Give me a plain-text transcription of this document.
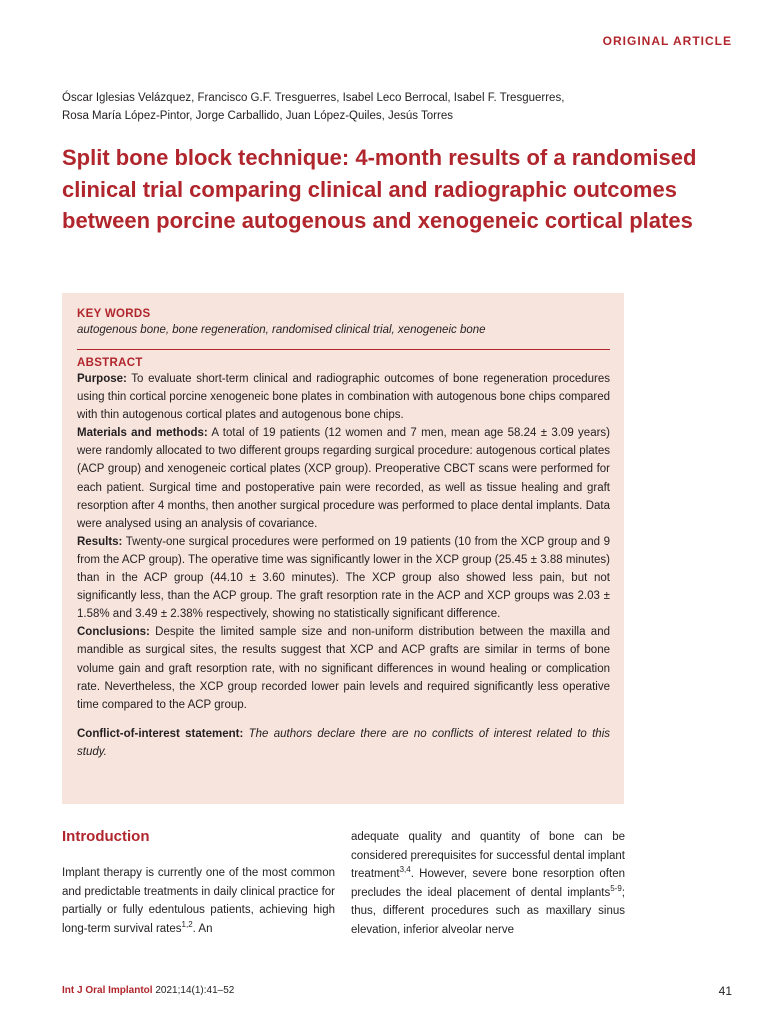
ORIGINAL ARTICLE
Óscar Iglesias Velázquez, Francisco G.F. Tresguerres, Isabel Leco Berrocal, Isabel F. Tresguerres,
Rosa María López-Pintor, Jorge Carballido, Juan López-Quiles, Jesús Torres
Split bone block technique: 4-month results of a randomised clinical trial comparing clinical and radiographic outcomes between porcine autogenous and xenogeneic cortical plates
KEY WORDS
autogenous bone, bone regeneration, randomised clinical trial, xenogeneic bone
ABSTRACT

Purpose: To evaluate short-term clinical and radiographic outcomes of bone regeneration procedures using thin cortical porcine xenogeneic bone plates in combination with autogenous bone chips compared with thin autogenous cortical plates and autogenous bone chips.

Materials and methods: A total of 19 patients (12 women and 7 men, mean age 58.24 ± 3.09 years) were randomly allocated to two different groups regarding surgical procedure: autogenous cortical plates (ACP group) and xenogeneic cortical plates (XCP group). Preoperative CBCT scans were performed for each patient. Surgical time and postoperative pain were recorded, as well as tissue healing and graft resorption after 4 months, then another surgical procedure was performed to place dental implants. Data were analysed using an analysis of covariance.

Results: Twenty-one surgical procedures were performed on 19 patients (10 from the XCP group and 9 from the ACP group). The operative time was significantly lower in the XCP group (25.45 ± 3.88 minutes) than in the ACP group (44.10 ± 3.60 minutes). The XCP group also showed less pain, but not significantly less, than the ACP group. The graft resorption rate in the ACP and XCP groups was 2.03 ± 1.58% and 3.49 ± 2.38% respectively, showing no statistically significant difference.

Conclusions: Despite the limited sample size and non-uniform distribution between the maxilla and mandible as surgical sites, the results suggest that XCP and ACP grafts are similar in terms of bone volume gain and graft resorption rate, with no significant differences in wound healing or complication rate. Nevertheless, the XCP group recorded lower pain levels and required significantly less operative time compared to the ACP group.

Conflict-of-interest statement: The authors declare there are no conflicts of interest related to this study.

Introduction

Implant therapy is currently one of the most common and predictable treatments in daily clinical practice for partially or fully edentulous patients, achieving high long-term survival rates$^{1,2}$. An

adequate quality and quantity of bone can be considered prerequisites for successful dental implant treatment$^{3,4}$. However, severe bone resorption often precludes the ideal placement of dental implants$^{5-9}$; thus, different procedures such as maxillary sinus elevation, inferior alveolar nerve

Int J Oral Implantol 2021;14(1):41–52	41
